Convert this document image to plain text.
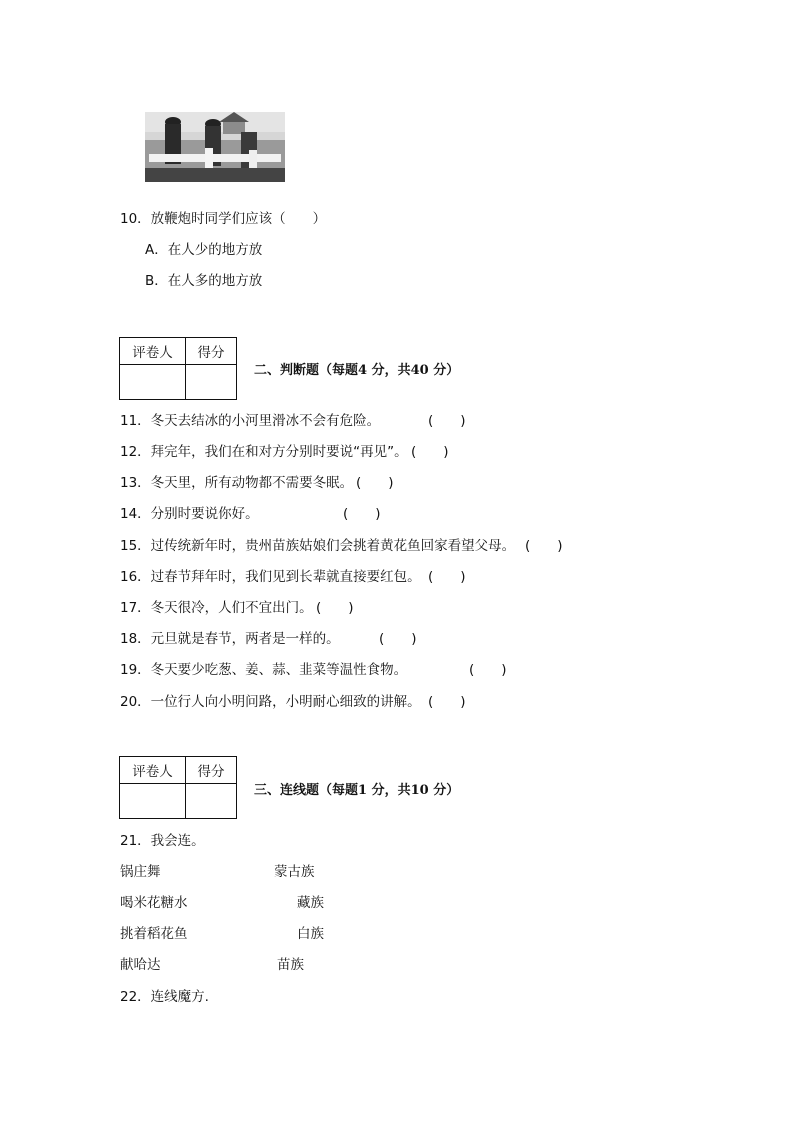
10．放鞭炮时同学们应该（　　）
A．在人少的地方放
B．在人多的地方放
评卷人	得分

二、判断题（每题4 分，共40 分）
11．冬天去结冰的小河里滑冰不会有危险。	(　　)
12．拜完年，我们在和对方分别时要说“再见”。 (　　)
13．冬天里，所有动物都不需要冬眠。 (　　)
14．分别时要说你好。	(　　)
15．过传统新年时，贵州苗族姑娘们会挑着黄花鱼回家看望父母。 (　　)
16．过春节拜年时，我们见到长辈就直接要红包。 (　　)
17．冬天很冷，人们不宜出门。 (　　)
18．元旦就是春节，两者是一样的。	(　　)
19．冬天要少吃葱、姜、蒜、韭菜等温性食物。	(　　)
20．一位行人向小明问路，小明耐心细致的讲解。 (　　)
评卷人	得分

三、连线题（每题1 分，共10 分）
21．我会连。
锅庄舞	蒙古族
喝米花糖水	藏族
挑着稻花鱼	白族
献哈达	苗族
22．连线魔方.
